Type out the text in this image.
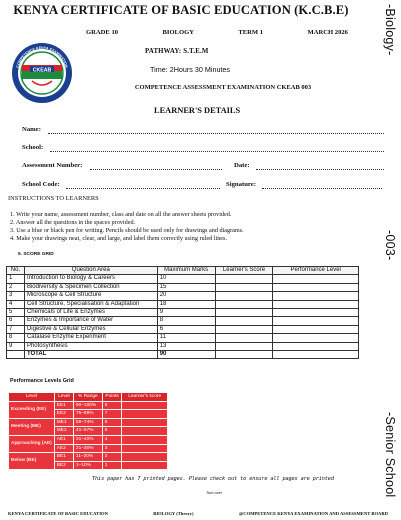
KENYA CERTIFICATE OF BASIC EDUCATION (K.C.B.E)
GRADE 10	BIOLOGY	TERM 1	MARCH 2026
PATHWAY: S.T.E.M
Time: 2Hours 30 Minutes
COMPETENCE ASSESSMENT EXAMINATION CKEAB 003
LEARNER'S DETAILS
CKEAB
COMPETENCE KENYA EXAMINATION
Name:
School:
Assessment Number:	Date:
School Code:	Signature:
INSTRUCTIONS TO LEARNERS
1. Write your name, assessment number, class and date on all the answer sheets provided.
2. Answer all the questions in the spaces provided.
3. Use a blue or black pen for writing. Pencils should be used only for drawings and diagrams.
4. Make your drawings neat, clear, and large, and label them correctly using ruled lines.
5. SCORE GRID
No.	Question Area	Maximum Marks	Learner's Score	Performance Level
1	Introduction to Biology & Careers	10		
2	Biodiversity & Specimen Collection	15		
3	Microscope & Cell Structure	20		
4	Cell Structure, Specialisation & Adaptation	18		
5	Chemicals of Life & Enzymes	9		
6	Enzymes & Importance of Water	8		
7	Digestive & Cellular Enzymes	6		
8	Catalase Enzyme Experiment	11		
9	Photosynthesis	13		
	TOTAL	90		
Performance Levels Grid
Level	Level	% Range	Points	Learner's score
Exceeding (EE)	EE1	90–100%	8	
	EE2	75–89%	7	
Meeting (ME)	ME1	58–74%	6	
	ME2	41–57%	5	
Approaching (AE)	AE1	31–40%	4	
	AE2	21–30%	3	
Below (BE)	BE1	11–20%	2	
	BE2	1–10%	1	
This paper has 7 printed pages. Please check out to ensure all pages are printed
Turn over
KENYA CERTIFICATE OF BASIC EDUCATION	BIOLOGY (Theory)	@COMPETENCE KENYA EXAMINATION AND ASSESSMENT BOARD
-Biology-
-003-
-Senior School
